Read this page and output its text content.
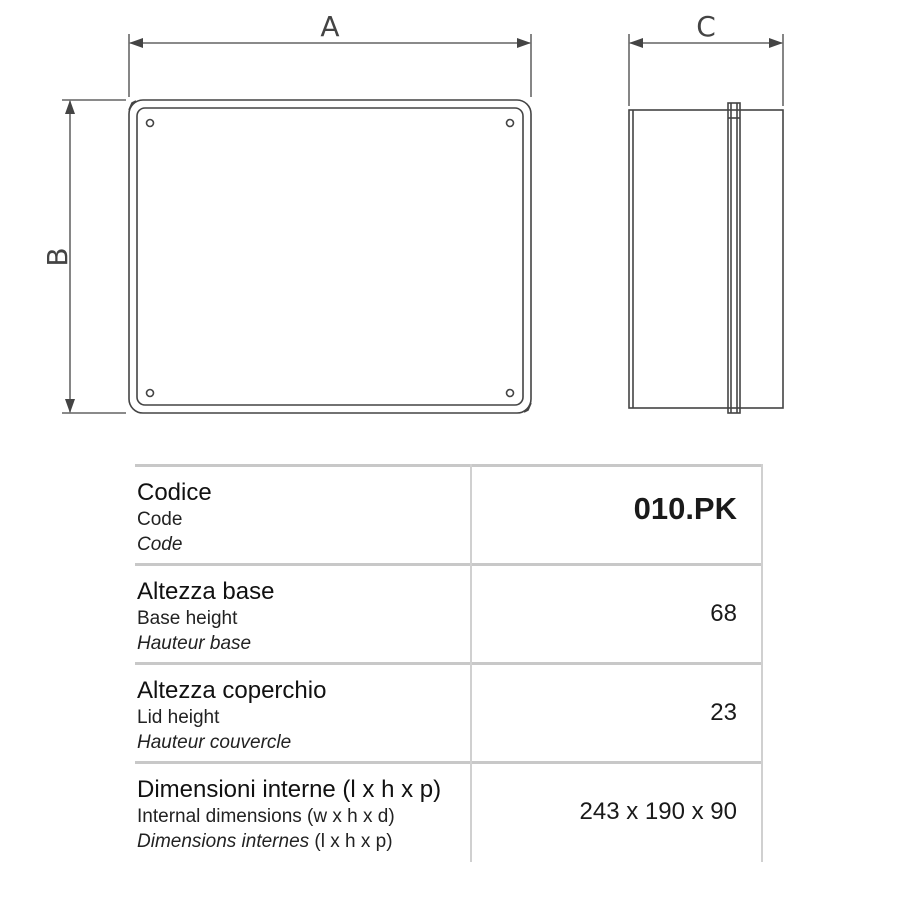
A
B
C
Codice
Code
Code
010.PK
Altezza base
Base height
Hauteur base
68
Altezza coperchio
Lid height
Hauteur couvercle
23
Dimensioni interne (l x h x p)
Internal dimensions (w x h x d)
Dimensions internes (l x h x p)
243 x 190 x 90
